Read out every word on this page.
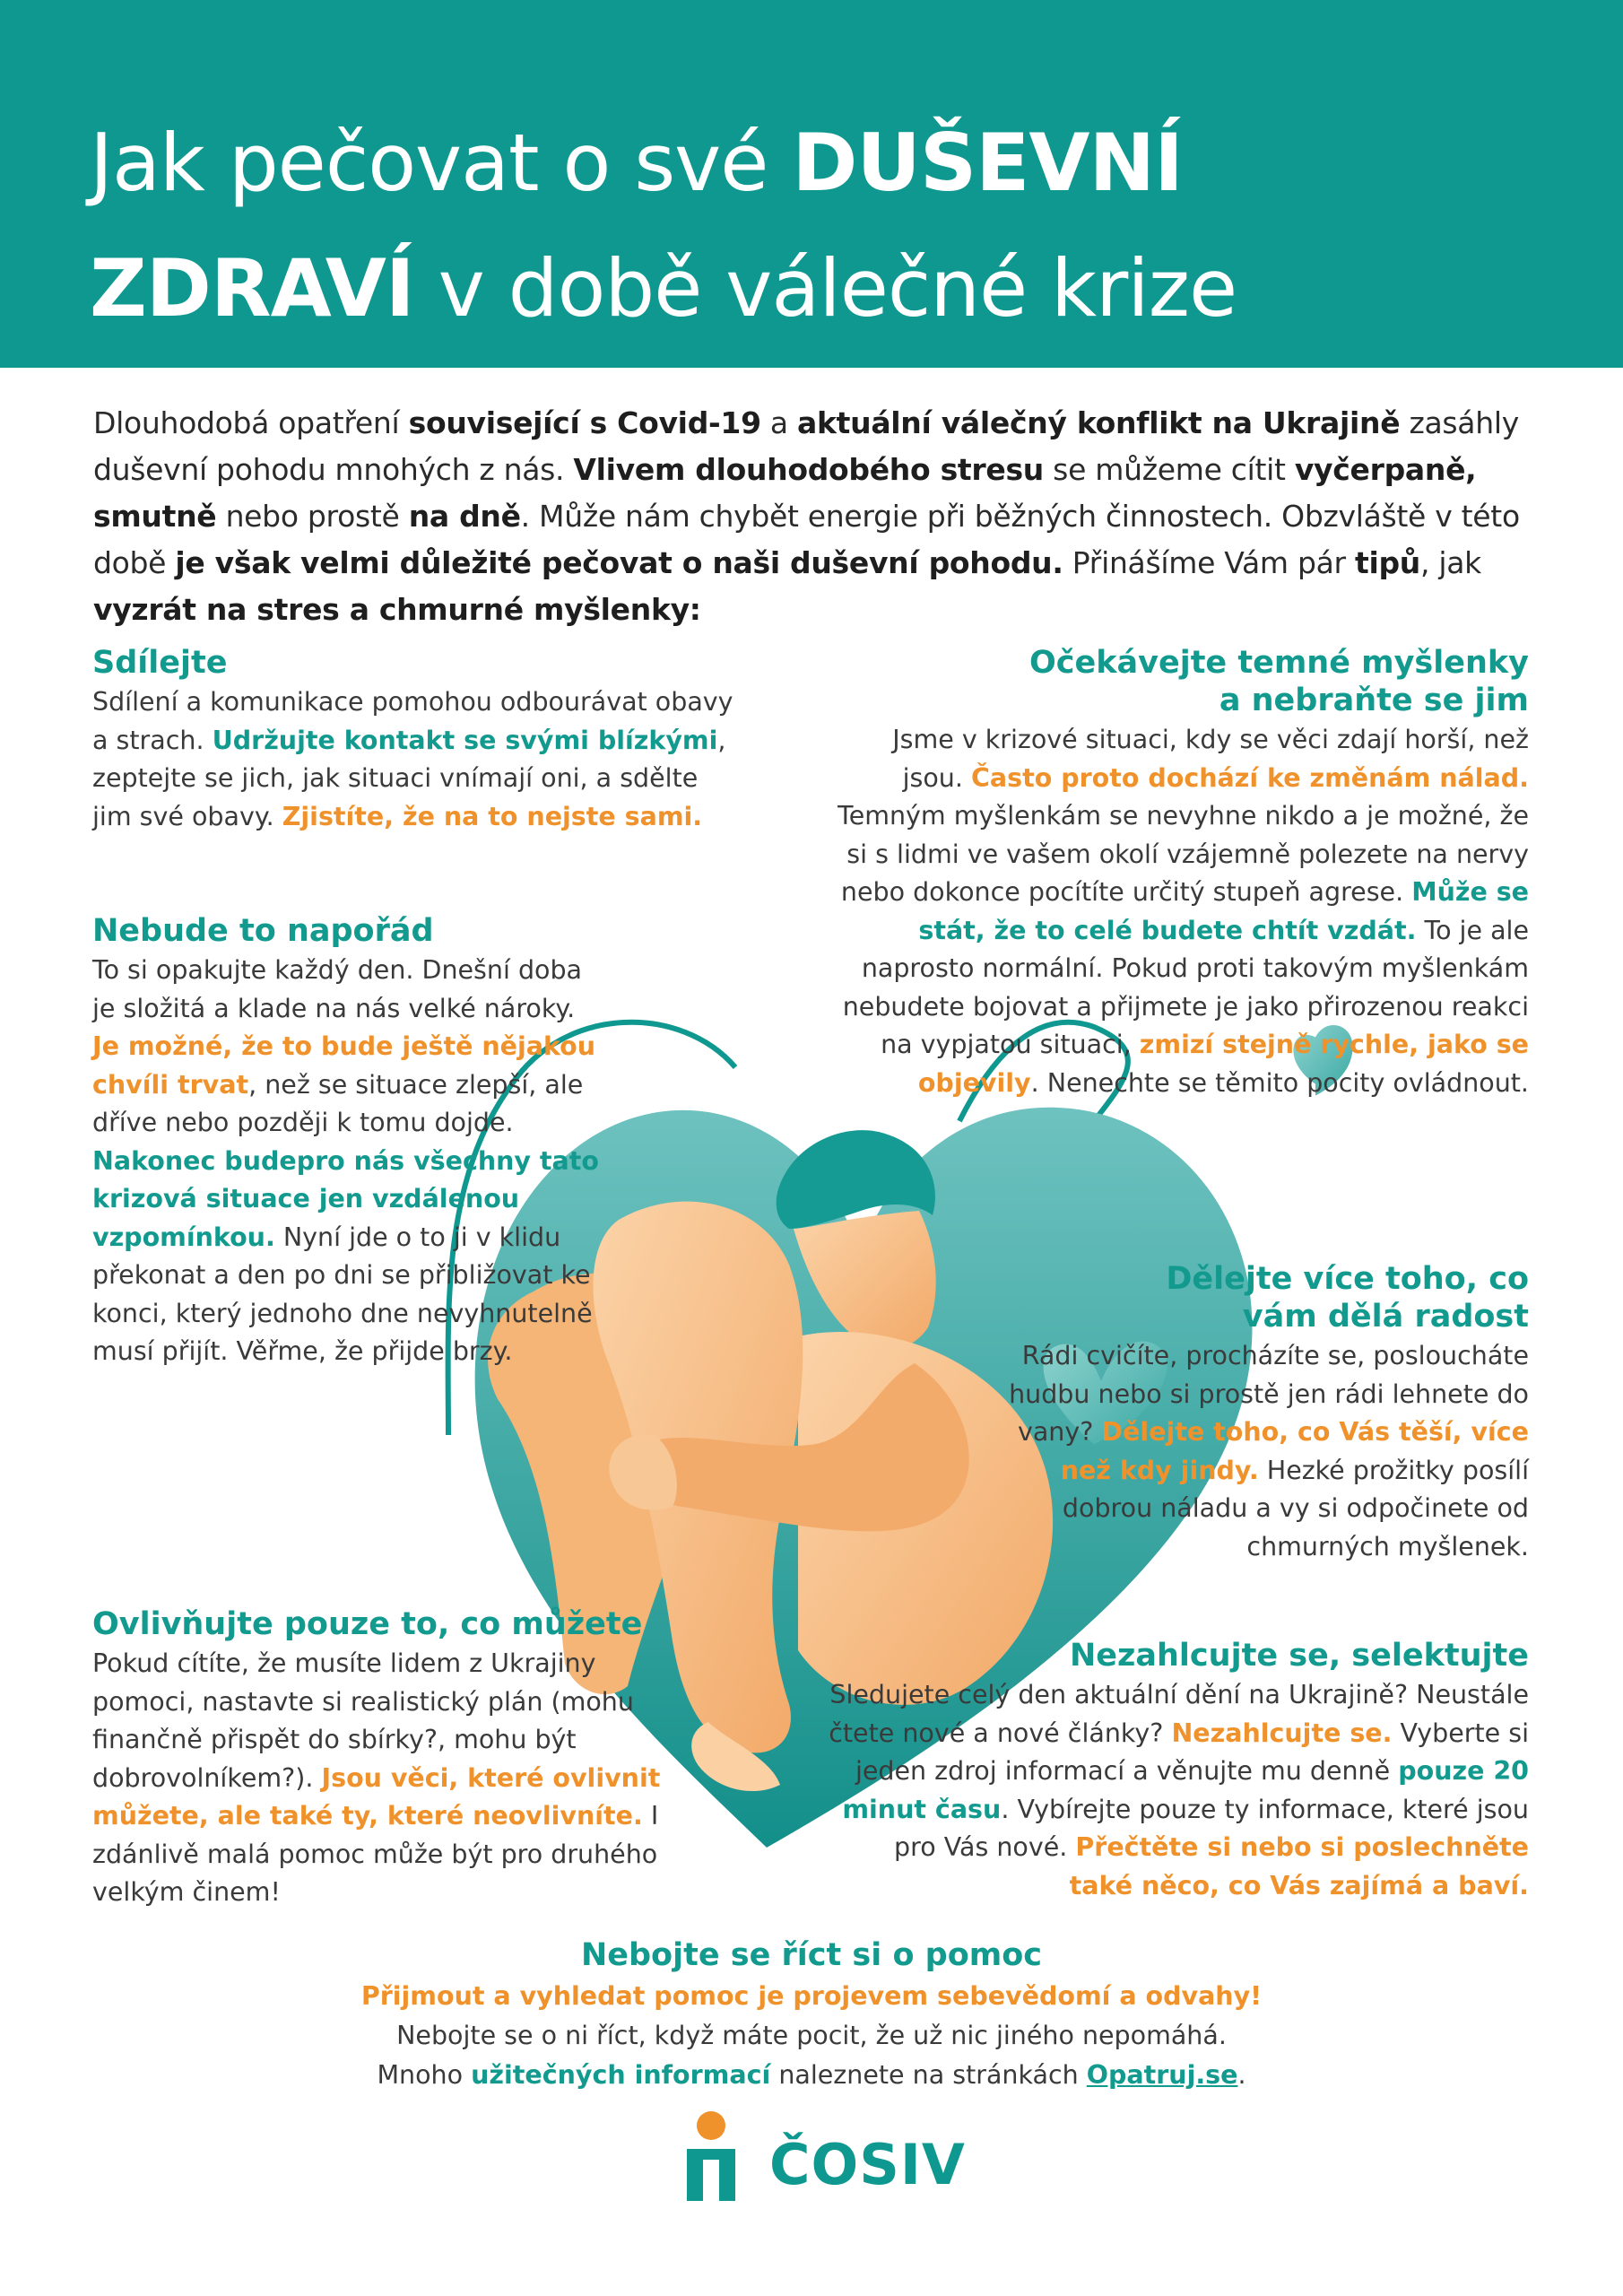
Jak pečovat o své DUŠEVNÍ
ZDRAVÍ v době válečné krize
Dlouhodobá opatření související s Covid-19 a aktuální válečný konflikt na Ukrajině zasáhly duševní pohodu mnohých z nás. Vlivem dlouhodobého stresu se můžeme cítit vyčerpaně, smutně nebo prostě na dně. Může nám chybět energie při běžných činnostech. Obzvláště v této době je však velmi důležité pečovat o naši duševní pohodu. Přinášíme Vám pár tipů, jak vyzrát na stres a chmurné myšlenky:
Sdílejte

Sdílení a komunikace pomohou odbourávat obavy a strach. Udržujte kontakt se svými blízkými, zeptejte se jich, jak situaci vnímají oni, a sdělte jim své obavy. Zjistíte, že na to nejste sami.

Nebude to napořád

To si opakujte každý den. Dnešní doba je složitá a klade na nás velké nároky. Je možné, že to bude ještě nějakou chvíli trvat, než se situace zlepší, ale dříve nebo později k tomu dojde. Nakonec budepro nás všechny tato krizová situace jen vzdálenou vzpomínkou. Nyní jde o to ji v klidu překonat a den po dni se přibližovat ke konci, který jednoho dne nevyhnutelně musí přijít. Věřme, že přijde brzy.

Ovlivňujte pouze to, co můžete

Pokud cítíte, že musíte lidem z Ukrajiny pomoci, nastavte si realistický plán (mohu finančně přispět do sbírky?, mohu být dobrovolníkem?). Jsou věci, které ovlivnit můžete, ale také ty, které neovlivníte. I zdánlivě malá pomoc může být pro druhého velkým činem!

Očekávejte temné myšlenky
a nebraňte se jim

Jsme v krizové situaci, kdy se věci zdají horší, než jsou. Často proto dochází ke změnám nálad. Temným myšlenkám se nevyhne nikdo a je možné, že si s lidmi ve vašem okolí vzájemně polezete na nervy nebo dokonce pocítíte určitý stupeň agrese. Může se stát, že to celé budete chtít vzdát. To je ale naprosto normální. Pokud proti takovým myšlenkám nebudete bojovat a přijmete je jako přirozenou reakci na vypjatou situaci, zmizí stejně rychle, jako se objevily. Nenechte se těmito pocity ovládnout.

Dělejte více toho, co
vám dělá radost

Rádi cvičíte, procházíte se, posloucháte hudbu nebo si prostě jen rádi lehnete do vany? Dělejte toho, co Vás těší, více než kdy jindy. Hezké prožitky posílí dobrou náladu a vy si odpočinete od chmurných myšlenek.

Nezahlcujte se, selektujte

Sledujete celý den aktuální dění na Ukrajině? Neustále čtete nové a nové články? Nezahlcujte se. Vyberte si jeden zdroj informací a věnujte mu denně pouze 20 minut času. Vybírejte pouze ty informace, které jsou pro Vás nové. Přečtěte si nebo si poslechněte také něco, co Vás zajímá a baví.

Nebojte se říct si o pomoc

Přijmout a vyhledat pomoc je projevem sebevědomí a odvahy!

Nebojte se o ni říct, když máte pocit, že už nic jiného nepomáhá.

Mnoho užitečných informací naleznete na stránkách Opatruj.se.

ČOSIV
